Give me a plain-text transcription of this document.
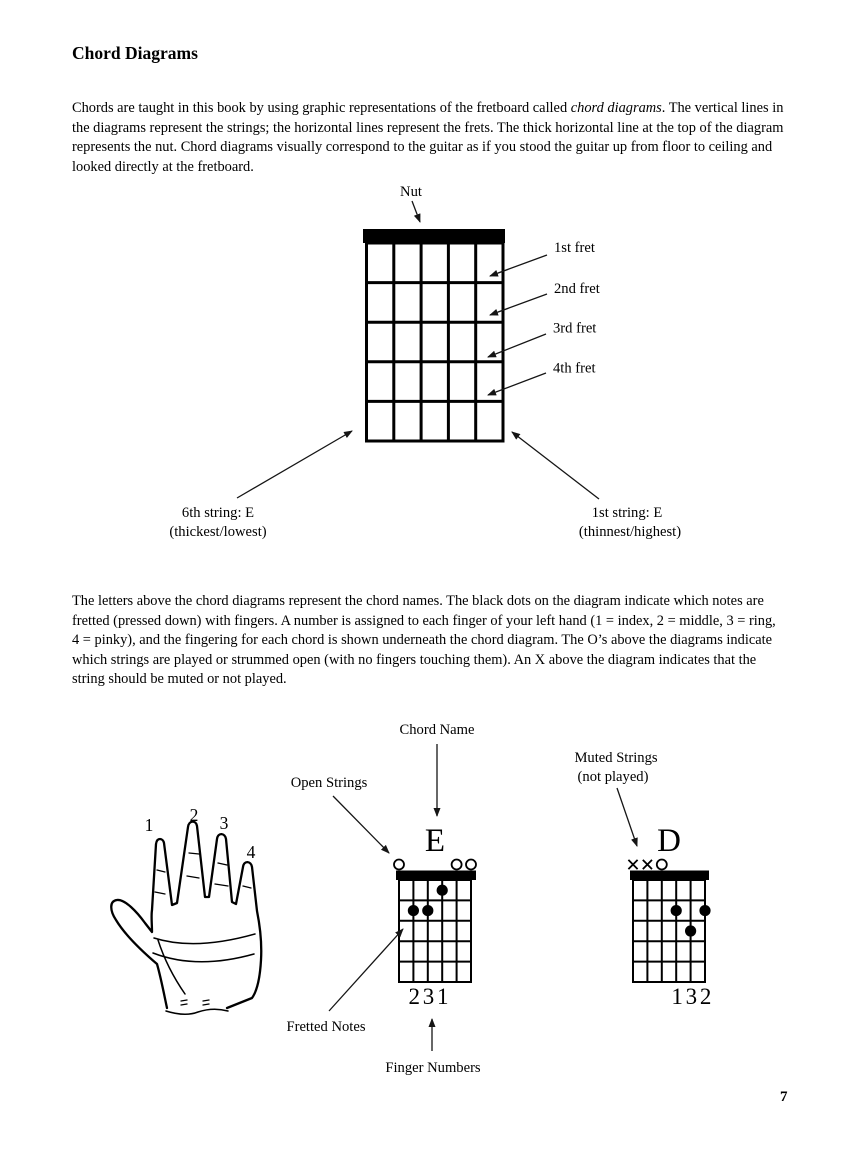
Chord Diagrams

Chords are taught in this book by using graphic representations of the fretboard called chord diagrams. The vertical lines in the diagrams represent the strings; the horizontal lines represent the frets. The thick horizontal line at the top of the diagram represents the nut. Chord diagrams visually correspond to the guitar as if you stood the guitar up from floor to ceiling and looked directly at the fretboard.

Nut
1st fret
2nd fret
3rd fret
4th fret
6th string: E
(thickest/lowest)
1st string: E
(thinnest/highest)

The letters above the chord diagrams represent the chord names. The black dots on the diagram indicate which notes are fretted (pressed down) with fingers. A number is assigned to each finger of your left hand (1 = index, 2 = middle, 3 = ring, 4 = pinky), and the fingering for each chord is shown underneath the chord diagram. The O’s above the diagrams indicate which strings are played or strummed open (with no fingers touching them). An X above the diagram indicates that the string should be muted or not played.

Chord Name
Open Strings
Muted Strings
(not played)
1 2 3
4	E
2 3 1
D
1 3 2
Fretted Notes
Finger Numbers
7
